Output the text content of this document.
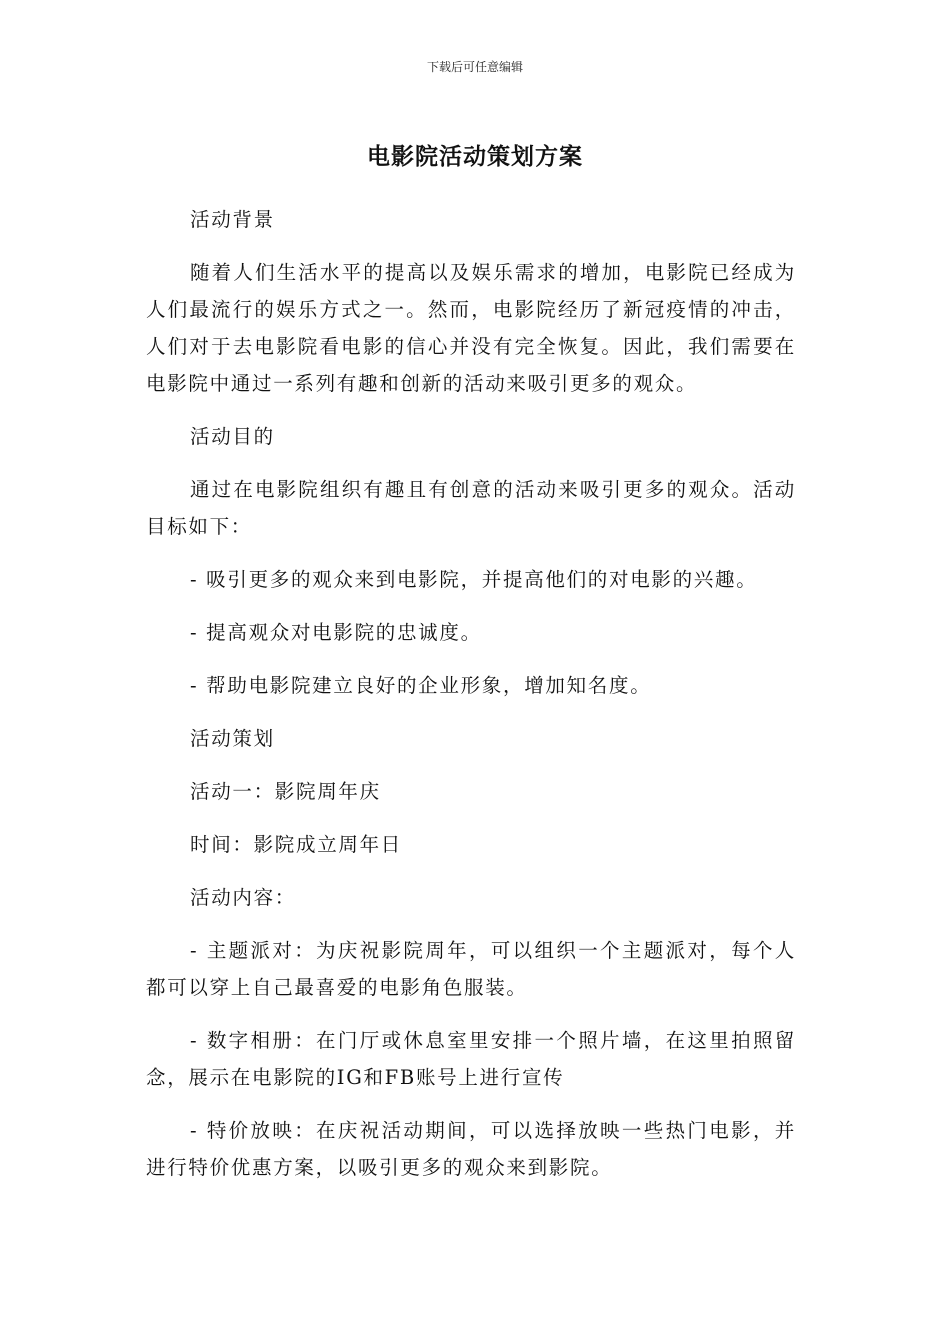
下载后可任意编辑
电影院活动策划方案

活动背景

随着人们生活水平的提高以及娱乐需求的增加，电影院已经成为人们最流行的娱乐方式之一。然而，电影院经历了新冠疫情的冲击，人们对于去电影院看电影的信心并没有完全恢复。因此，我们需要在电影院中通过一系列有趣和创新的活动来吸引更多的观众。

活动目的

通过在电影院组织有趣且有创意的活动来吸引更多的观众。活动目标如下：

- 吸引更多的观众来到电影院，并提高他们的对电影的兴趣。

- 提高观众对电影院的忠诚度。

- 帮助电影院建立良好的企业形象，增加知名度。

活动策划

活动一：影院周年庆

时间：影院成立周年日

活动内容：

- 主题派对：为庆祝影院周年，可以组织一个主题派对，每个人都可以穿上自己最喜爱的电影角色服装。

- 数字相册：在门厅或休息室里安排一个照片墙，在这里拍照留念，展示在电影院的IG和FB账号上进行宣传

- 特价放映：在庆祝活动期间，可以选择放映一些热门电影，并进行特价优惠方案，以吸引更多的观众来到影院。
